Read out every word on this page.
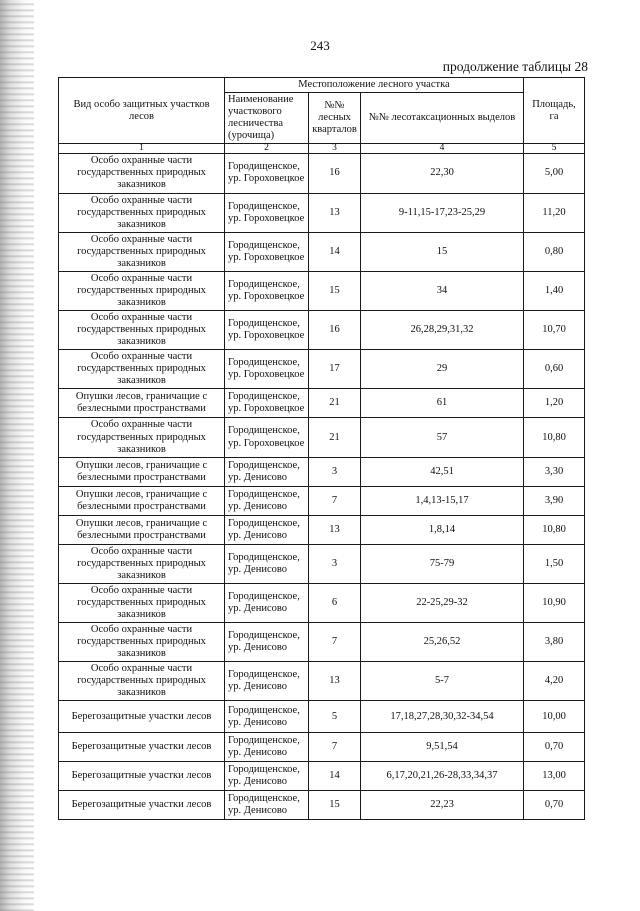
243
продолжение таблицы 28
Вид особо защитных участков лесов	Местоположение лесного участка			Площадь, га
	Наименование участкового лесничества (урочища)	№№ лесных кварталов	№№ лесотаксационных выделов	
1	2	3	4	5
Особо охранные части государственных природных заказников	Городищенское, ур. Гороховецкое	16	22,30	5,00
Особо охранные части государственных природных заказников	Городищенское, ур. Гороховецкое	13	9-11,15-17,23-25,29	11,20
Особо охранные части государственных природных заказников	Городищенское, ур. Гороховецкое	14	15	0,80
Особо охранные части государственных природных заказников	Городищенское, ур. Гороховецкое	15	34	1,40
Особо охранные части государственных природных заказников	Городищенское, ур. Гороховецкое	16	26,28,29,31,32	10,70
Особо охранные части государственных природных заказников	Городищенское, ур. Гороховецкое	17	29	0,60
Опушки лесов, граничащие с безлесными пространствами	Городищенское, ур. Гороховецкое	21	61	1,20
Особо охранные части государственных природных заказников	Городищенское, ур. Гороховецкое	21	57	10,80
Опушки лесов, граничащие с безлесными пространствами	Городищенское, ур. Денисово	3	42,51	3,30
Опушки лесов, граничащие с безлесными пространствами	Городищенское, ур. Денисово	7	1,4,13-15,17	3,90
Опушки лесов, граничащие с безлесными пространствами	Городищенское, ур. Денисово	13	1,8,14	10,80
Особо охранные части государственных природных заказников	Городищенское, ур. Денисово	3	75-79	1,50
Особо охранные части государственных природных заказников	Городищенское, ур. Денисово	6	22-25,29-32	10,90
Особо охранные части государственных природных заказников	Городищенское, ур. Денисово	7	25,26,52	3,80
Особо охранные части государственных природных заказников	Городищенское, ур. Денисово	13	5-7	4,20
Берегозащитные участки лесов	Городищенское, ур. Денисово	5	17,18,27,28,30,32-34,54	10,00
Берегозащитные участки лесов	Городищенское, ур. Денисово	7	9,51,54	0,70
Берегозащитные участки лесов	Городищенское, ур. Денисово	14	6,17,20,21,26-28,33,34,37	13,00
Берегозащитные участки лесов	Городищенское, ур. Денисово	15	22,23	0,70
